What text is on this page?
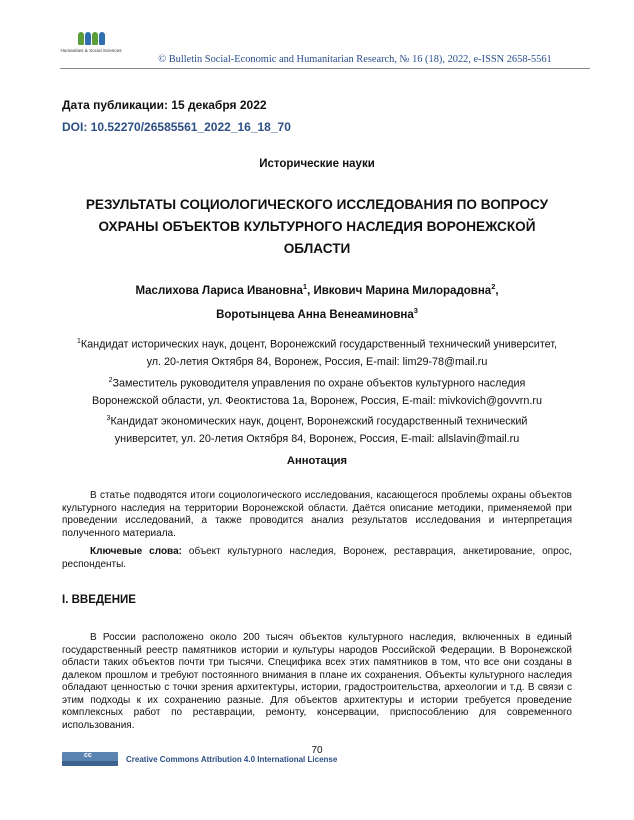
Humanities & Social Sciences
© Bulletin Social-Economic and Humanitarian Research, № 16 (18), 2022, e-ISSN 2658-5561
Дата публикации: 15 декабря 2022
DOI: 10.52270/26585561_2022_16_18_70
Исторические науки
РЕЗУЛЬТАТЫ СОЦИОЛОГИЧЕСКОГО ИССЛЕДОВАНИЯ ПО ВОПРОСУ
ОХРАНЫ ОБЪЕКТОВ КУЛЬТУРНОГО НАСЛЕДИЯ ВОРОНЕЖСКОЙ
ОБЛАСТИ
Маслихова Лариса Ивановна$^1$, Ивкович Марина Милорадовна$^2$,
Воротынцева Анна Венеаминовна$^3$
$^1$Кандидат исторических наук, доцент, Воронежский государственный технический университет,
ул. 20-летия Октября 84, Воронеж, Россия, E-mail: lim29-78@mail.ru
$^2$Заместитель руководителя управления по охране объектов культурного наследия
Воронежской области, ул. Феоктистова 1а, Воронеж, Россия, E-mail: mivkovich@govvrn.ru
$^3$Кандидат экономических наук, доцент, Воронежский государственный технический
университет, ул. 20-летия Октября 84, Воронеж, Россия, E-mail: allslavin@mail.ru
Аннотация

В статье подводятся итоги социологического исследования, касающегося проблемы охраны объектов культурного наследия на территории Воронежской области. Даётся описание методики, применяемой при проведении исследований, а также проводится анализ результатов исследования и интерпретация полученного материала.

Ключевые слова: объект культурного наследия, Воронеж, реставрация, анкетирование, опрос, респонденты.

I. ВВЕДЕНИЕ

В России расположено около 200 тысяч объектов культурного наследия, включенных в единый государственный реестр памятников истории и культуры народов Российской Федерации. В Воронежской области таких объектов почти три тысячи. Специфика всех этих памятников в том, что все они созданы в далеком прошлом и требуют постоянного внимания в плане их сохранения. Объекты культурного наследия обладают ценностью с точки зрения архитектуры, истории, градостроительства, археологии и т.д. В связи с этим подходы к их сохранению разные. Для объектов архитектуры и истории требуется проведение комплексных работ по реставрации, ремонту, консервации, приспособлению для современного использования.

70
cc	Creative Commons Attribution 4.0 International License
